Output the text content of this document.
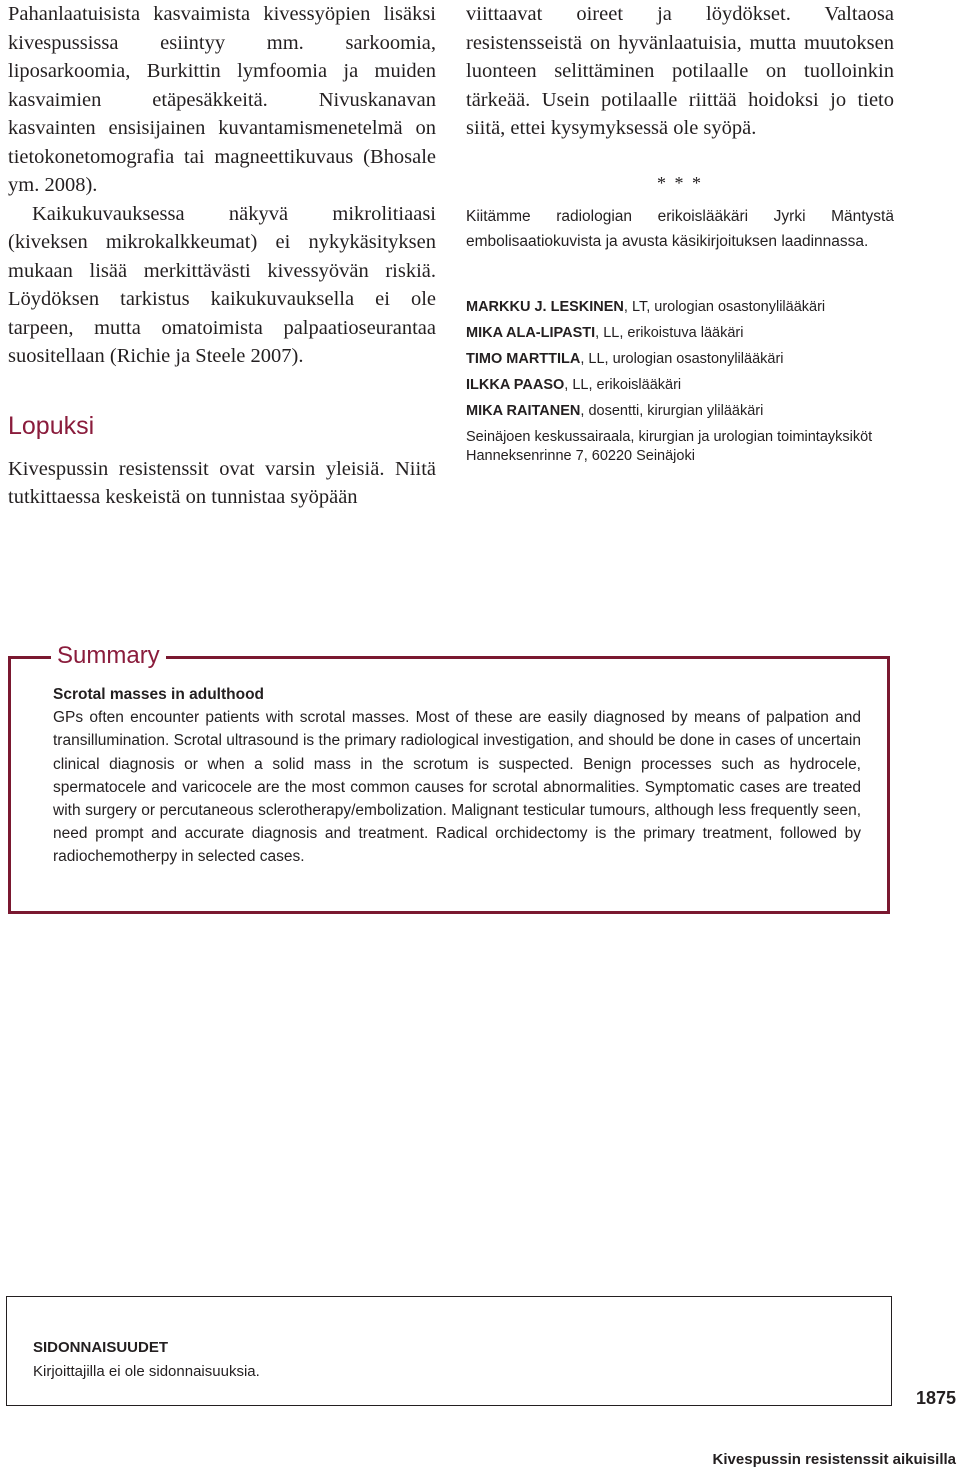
Pahanlaatuisista kasvaimista kivessyöpien lisäksi kivespussissa esiintyy mm. sarkoomia, liposarkoomia, Burkittin lymfoomia ja muiden kasvaimien etäpesäkkeitä. Nivuskanavan kasvainten ensisijainen kuvantamismenetelmä on tietokonetomografia tai magneettikuvaus (Bhosale ym. 2008).

Kaikukuvauksessa näkyvä mikrolitiaasi (kiveksen mikrokalkkeumat) ei nykykäsityksen mukaan lisää merkittävästi kivessyövän riskiä. Löydöksen tarkistus kaikukuvauksella ei ole tarpeen, mutta omatoimista palpaatioseurantaa suositellaan (Richie ja Steele 2007).

Lopuksi

Kivespussin resistenssit ovat varsin yleisiä. Niitä tutkittaessa keskeistä on tunnistaa syöpään

viittaavat oireet ja löydökset. Valtaosa resistensseistä on hyvänlaatuisia, mutta muutoksen luonteen selittäminen potilaalle on tuolloinkin tärkeää. Usein potilaalle riittää hoidoksi jo tieto siitä, ettei kysymyksessä ole syöpä.

* * *

Kiitämme radiologian erikoislääkäri Jyrki Mäntystä embolisaatiokuvista ja avusta käsikirjoituksen laadinnassa.

MARKKU J. LESKINEN, LT, urologian osastonylilääkäri
MIKA ALA-LIPASTI, LL, erikoistuva lääkäri
TIMO MARTTILA, LL, urologian osastonylilääkäri
ILKKA PAASO, LL, erikoislääkäri
MIKA RAITANEN, dosentti, kirurgian ylilääkäri
Seinäjoen keskussairaala, kirurgian ja urologian toimintayksiköt
Hanneksenrinne 7, 60220 Seinäjoki
Summary

Scrotal masses in adulthood

GPs often encounter patients with scrotal masses. Most of these are easily diagnosed by means of palpation and transillumination. Scrotal ultrasound is the primary radiological investigation, and should be done in cases of uncertain clinical diagnosis or when a solid mass in the scrotum is suspected. Benign processes such as hydrocele, spermatocele and varicocele are the most common causes for scrotal abnormalities. Symptomatic cases are treated with surgery or percutaneous sclerotherapy/embolization. Malignant testicular tumours, although less frequently seen, need prompt and accurate diagnosis and treatment. Radical orchidectomy is the primary treatment, followed by radiochemotherpy in selected cases.

SIDONNAISUUDET

Kirjoittajilla ei ole sidonnaisuuksia.

1875
Kivespussin resistenssit aikuisilla
